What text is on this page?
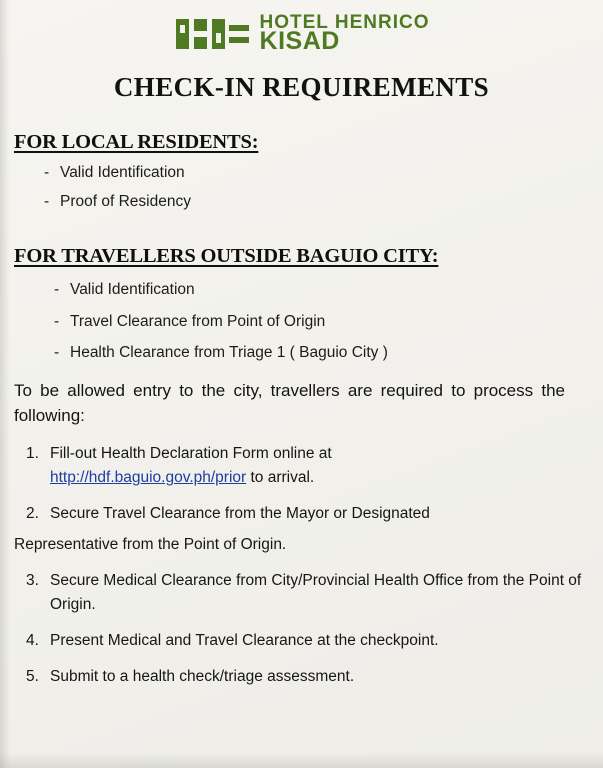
HOTEL HENRICO
KISAD
CHECK-IN REQUIREMENTS
FOR LOCAL RESIDENTS:
- Valid Identification
- Proof of Residency
FOR TRAVELLERS OUTSIDE BAGUIO CITY:
- Valid Identification
- Travel Clearance from Point of Origin
- Health Clearance from Triage 1 ( Baguio City )
To be allowed entry to the city, travellers are required to process the
following:
1. Fill-out Health Declaration Form online at
http://hdf.baguio.gov.ph/prior to arrival.
2. Secure Travel Clearance from the Mayor or Designated
Representative from the Point of Origin.
3. Secure Medical Clearance from City/Provincial Health Office from the Point of Origin.
4. Present Medical and Travel Clearance at the checkpoint.
5. Submit to a health check/triage assessment.
